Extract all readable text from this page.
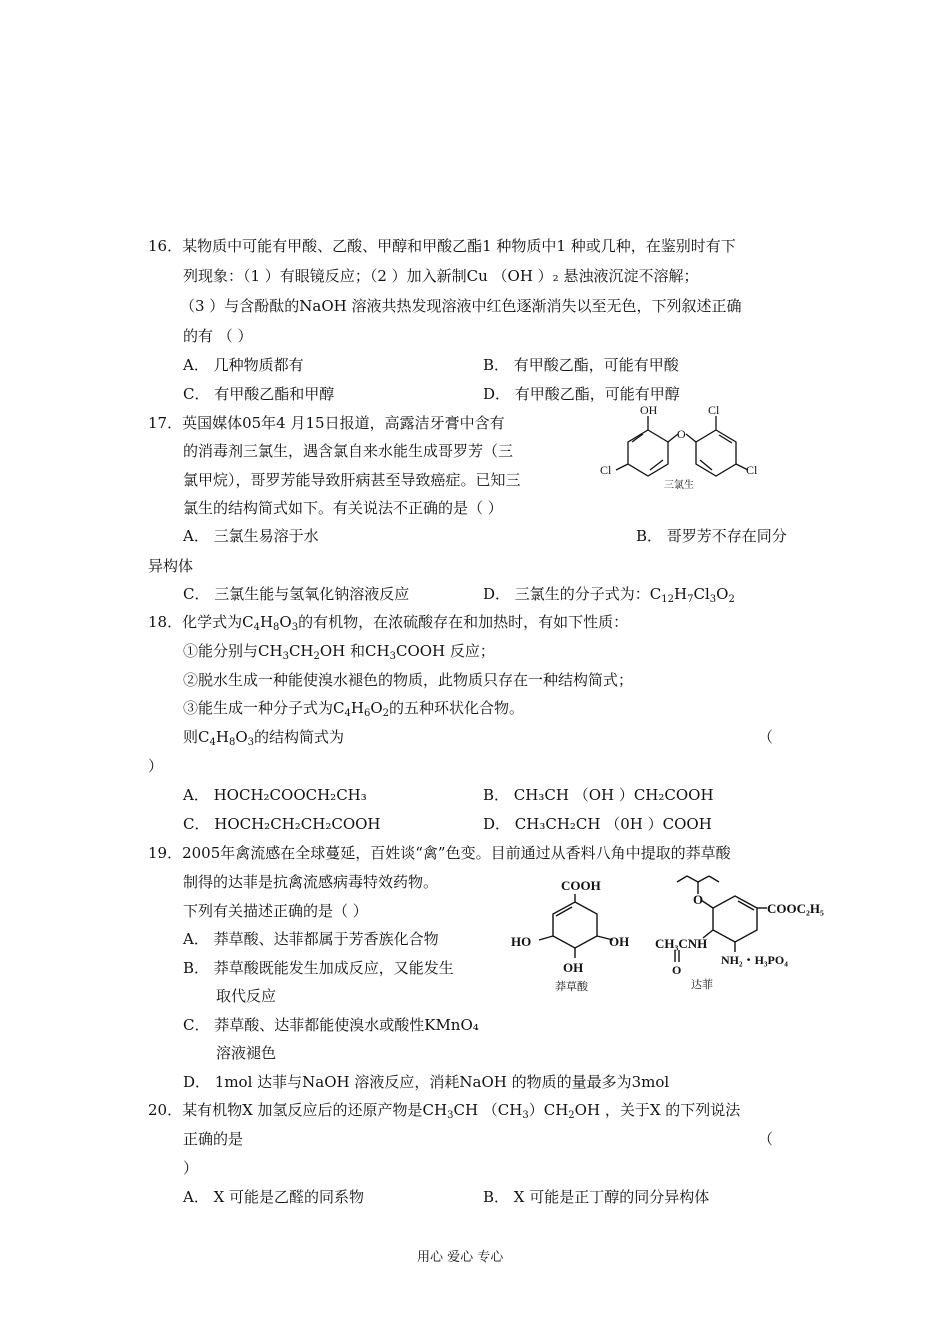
16．某物质中可能有甲酸、乙酸、甲醇和甲酸乙酯1 种物质中1 种或几种，在鉴别时有下
列现象：（1 ）有眼镜反应；（2 ）加入新制Cu （OH ）₂ 悬浊液沉淀不溶解；
（3 ）与含酚酞的NaOH 溶液共热发现溶液中红色逐渐消失以至无色，下列叙述正确
的有 （ ）
A． 几种物质都有	B． 有甲酸乙酯，可能有甲酸
C． 有甲酸乙酯和甲醇	D． 有甲酸乙酯，可能有甲醇
17．英国媒体05年4 月15日报道，高露洁牙膏中含有
的消毒剂三氯生，遇含氯自来水能生成哥罗芳（三
氯甲烷），哥罗芳能导致肝病甚至导致癌症。已知三
氯生的结构简式如下。有关说法不正确的是（ ）
OH
O
Cl
Cl	Cl
三氯生
A． 三氯生易溶于水	B． 哥罗芳不存在同分
异构体
C． 三氯生能与氢氧化钠溶液反应	D． 三氯生的分子式为：$C_{12}H_7Cl_3O_2$
18．化学式为$C_4H_8O_3$的有机物，在浓硫酸存在和加热时，有如下性质：
①能分别与$CH_3CH_2OH$ 和$CH_3COOH$ 反应；
②脱水生成一种能使溴水褪色的物质，此物质只存在一种结构简式；
③能生成一种分子式为$C_4H_6O_2$的五种环状化合物。
则$C_4H_8O_3$的结构简式为	（
）
A． HOCH₂COOCH₂CH₃	B． CH₃CH （OH ）CH₂COOH
C． HOCH₂CH₂CH₂COOH	D． CH₃CH₂CH （0H ）COOH
19．2005年禽流感在全球蔓延，百姓谈“禽”色变。目前通过从香料八角中提取的莽草酸
制得的达菲是抗禽流感病毒特效药物。
下列有关描述正确的是（ ）
A． 莽草酸、达菲都属于芳香族化合物
B． 莽草酸既能发生加成反应，又能发生
取代反应
C． 莽草酸、达菲都能使溴水或酸性KMnO₄
溶液褪色
COOH
HO	OH
OH
莽草酸
O
COOC₂H₅
CH₃CNH
O
NH₂・H₃PO₄
达菲
D． 1mol 达菲与NaOH 溶液反应，消耗NaOH 的物质的量最多为3mol
20．某有机物X 加氢反应后的还原产物是$CH_3CH$ $(CH_3)CH_2OH$ ，关于X 的下列说法
正确的是	（
）
A． X 可能是乙醛的同系物	B． X 可能是正丁醇的同分异构体
用心 爱心 专心
